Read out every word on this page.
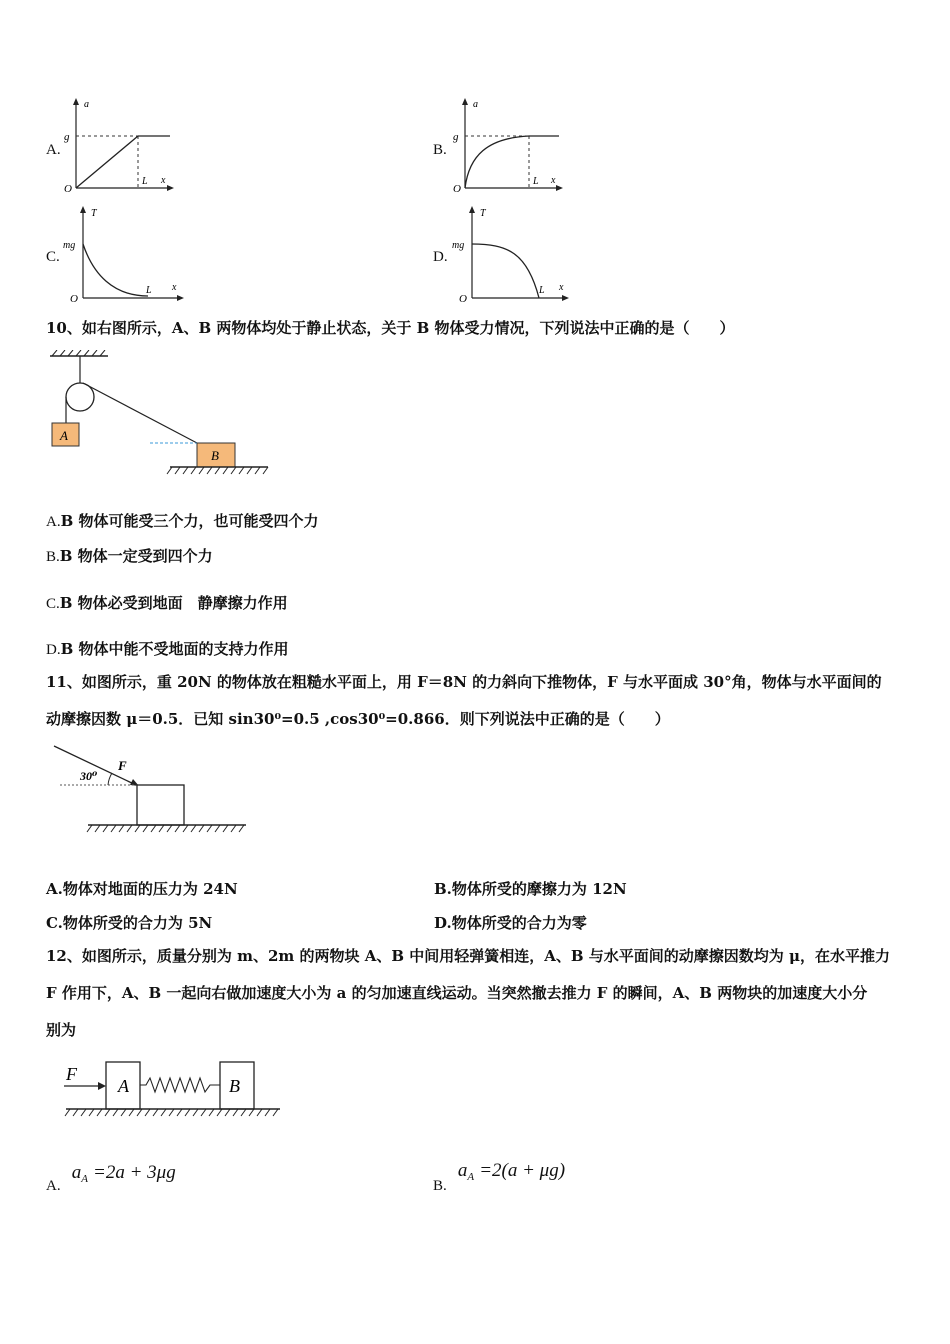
A.
a
g
O
L x
B.
a
g
O
L x
C.
T
mg
O
L x
D.
T
mg
O
L x
10、如右图所示，A、B 两物体均处于静止状态，关于 B 物体受力情况，下列说法中正确的是（　　）
A
B
A.B 物体可能受三个力，也可能受四个力
B.B 物体一定受到四个力
C.B 物体必受到地面　静摩擦力作用
D.B 物体中能不受地面的支持力作用
11、如图所示，重 20N 的物体放在粗糙水平面上，用 F＝8N 的力斜向下推物体，F 与水平面成 30°角，物体与水平面间的
动摩擦因数 μ＝0.5．已知 sin30⁰=0.5 ,cos30⁰=0.866．则下列说法中正确的是（　　）
30⁰
F
A.物体对地面的压力为 24N	B.物体所受的摩擦力为 12N
C.物体所受的合力为 5N	D.物体所受的合力为零
12、如图所示，质量分别为 m、2m 的两物块 A、B 中间用轻弹簧相连，A、B 与水平面间的动摩擦因数均为 μ，在水平推力
F 作用下，A、B 一起向右做加速度大小为 a 的匀加速直线运动。当突然撤去推力 F 的瞬间，A、B 两物块的加速度大小分
别为
F
A	B
A. $a_A =2a + 3\mu g$
B. $a_A =2(a + \mu g)$
